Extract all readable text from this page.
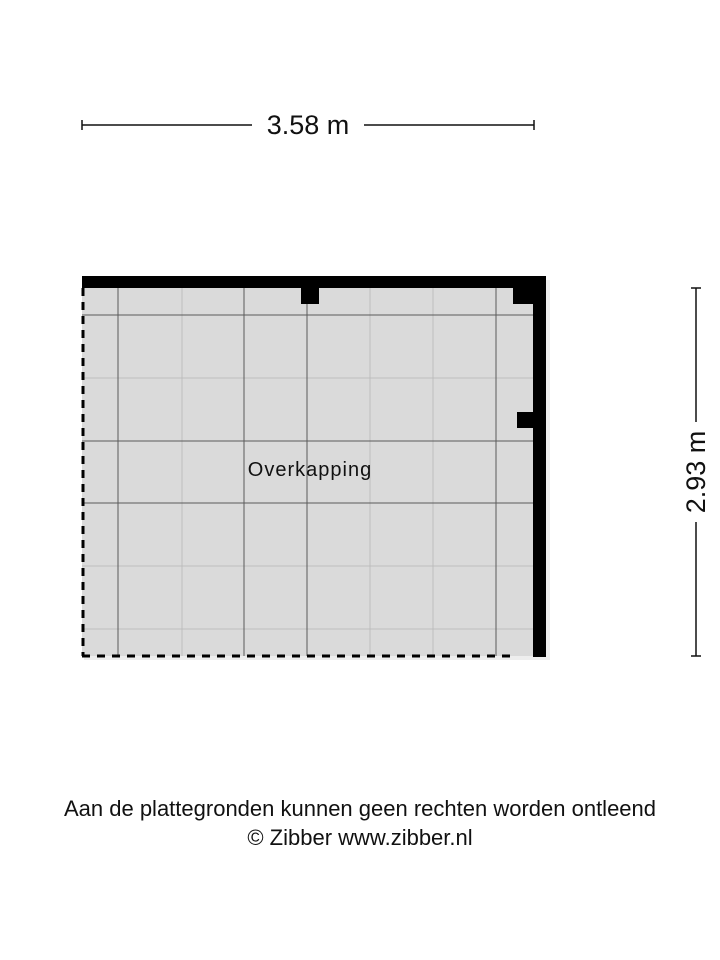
3.58 m
2.93 m
Overkapping
Aan de plattegronden kunnen geen rechten worden ontleend
© Zibber www.zibber.nl
